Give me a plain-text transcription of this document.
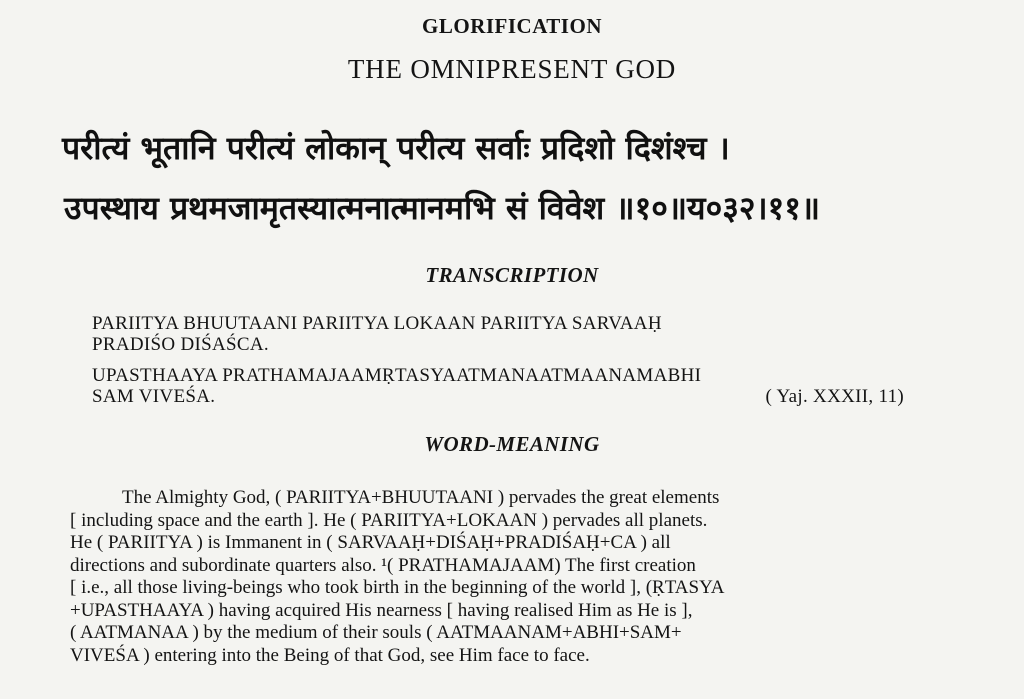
GLORIFICATION
THE OMNIPRESENT GOD
परीत्यं भूतानि परीत्यं लोकान् परीत्य सर्वाः प्रदिशो दिशंश्च ।
उपस्थाय प्रथमजामृतस्यात्मनात्मानमभि सं विवेश ॥१०॥य०३२।११॥
TRANSCRIPTION
PARIITYA BHUUTAANI PARIITYA LOKAAN PARIITYA SARVAAḤ
PRADIŚO DIŚAŚCA.
UPASTHAAYA PRATHAMAJAAMṚTASYAATMANAATMAANAMABHI
SAM VIVEŚA.	( Yaj. XXXII, 11)
WORD-MEANING
The Almighty God, ( PARIITYA+BHUUTAANI ) pervades the great elements
[ including space and the earth ]. He ( PARIITYA+LOKAAN ) pervades all planets.
He ( PARIITYA ) is Immanent in ( SARVAAḤ+DIŚAḤ+PRADIŚAḤ+CA ) all
directions and subordinate quarters also. ¹( PRATHAMAJAAM) The first creation
[ i.e., all those living-beings who took birth in the beginning of the world ], (ṚTASYA
+UPASTHAAYA ) having acquired His nearness [ having realised Him as He is ],
( AATMANAA ) by the medium of their souls ( AATMAANAM+ABHI+SAM+
VIVEŚA ) entering into the Being of that God, see Him face to face.
